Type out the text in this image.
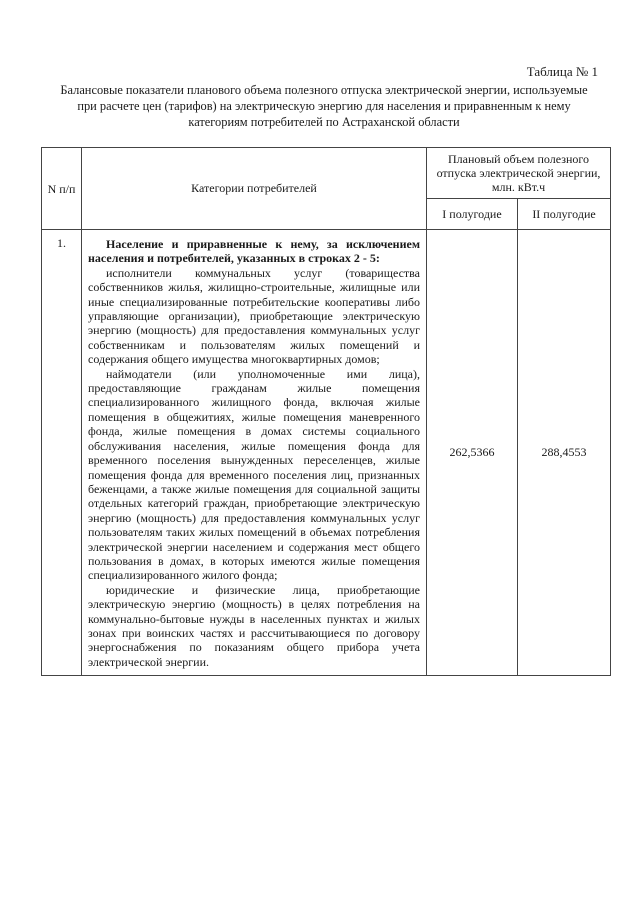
Таблица № 1
Балансовые показатели планового объема полезного отпуска электрической энергии, используемые при расчете цен (тарифов) на электрическую энергию для населения и приравненным к нему категориям потребителей по Астраханской области
N п/п	Категории потребителей	Плановый объем полезного отпуска электрической энергии, млн. кВт.ч	
		I полугодие	II полугодие
1.	Население и приравненные к нему, за исключением населения и потребителей, указанных в строках 2 - 5:

исполнители коммунальных услуг (товарищества собственников жилья, жилищно-строительные, жилищные или иные специализированные потребительские кооперативы либо управляющие организации), приобретающие электрическую энергию (мощность) для предоставления коммунальных услуг собственникам и пользователям жилых помещений и содержания общего имущества многоквартирных домов;

наймодатели (или уполномоченные ими лица), предоставляющие гражданам жилые помещения специализированного жилищного фонда, включая жилые помещения в общежитиях, жилые помещения маневренного фонда, жилые помещения в домах системы социального обслуживания населения, жилые помещения фонда для временного поселения вынужденных переселенцев, жилые помещения фонда для временного поселения лиц, признанных беженцами, а также жилые помещения для социальной защиты отдельных категорий граждан, приобретающие электрическую энергию (мощность) для предоставления коммунальных услуг пользователям таких жилых помещений в объемах потребления электрической энергии населением и содержания мест общего пользования в домах, в которых имеются жилые помещения специализированного жилого фонда;

юридические и физические лица, приобретающие электрическую энергию (мощность) в целях потребления на коммунально-бытовые нужды в населенных пунктах и жилых зонах при воинских частях и рассчитывающиеся по договору энергоснабжения по показаниям общего прибора учета электрической энергии.	262,5366	288,4553
